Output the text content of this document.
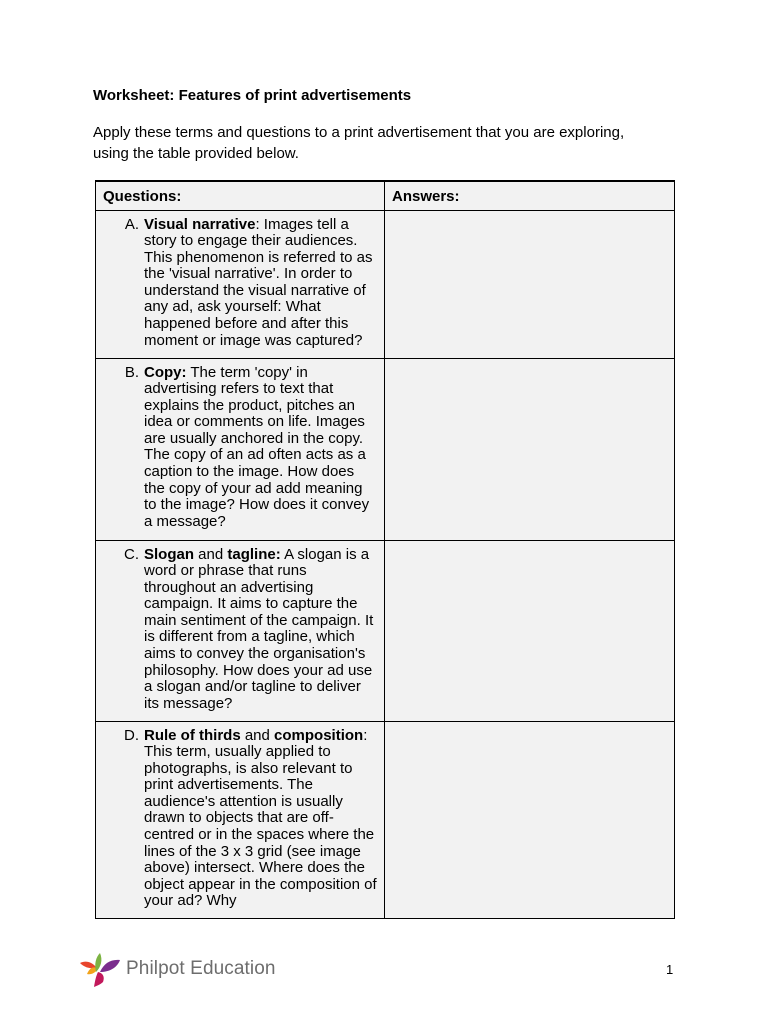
Worksheet: Features of print advertisements

Apply these terms and questions to a print advertisement that you are exploring, using the table provided below.

Questions:	Answers:

A. Visual narrative: Images tell a story to engage their audiences. This phenomenon is referred to as the 'visual narrative'. In order to understand the visual narrative of any ad, ask yourself: What happened before and after this moment or image was captured?	

B. Copy: The term 'copy' in advertising refers to text that explains the product, pitches an idea or comments on life. Images are usually anchored in the copy. The copy of an ad often acts as a caption to the image. How does the copy of your ad add meaning to the image? How does it convey a message?	

C. Slogan and tagline: A slogan is a word or phrase that runs throughout an advertising campaign. It aims to capture the main sentiment of the campaign. It is different from a tagline, which aims to convey the organisation's philosophy. How does your ad use a slogan and/or tagline to deliver its message?	

D. Rule of thirds and composition: This term, usually applied to photographs, is also relevant to print advertisements. The audience's attention is usually drawn to objects that are off-centred or in the spaces where the lines of the 3 x 3 grid (see image above) intersect. Where does the object appear in the composition of your ad? Why	

Philpot Education	1
